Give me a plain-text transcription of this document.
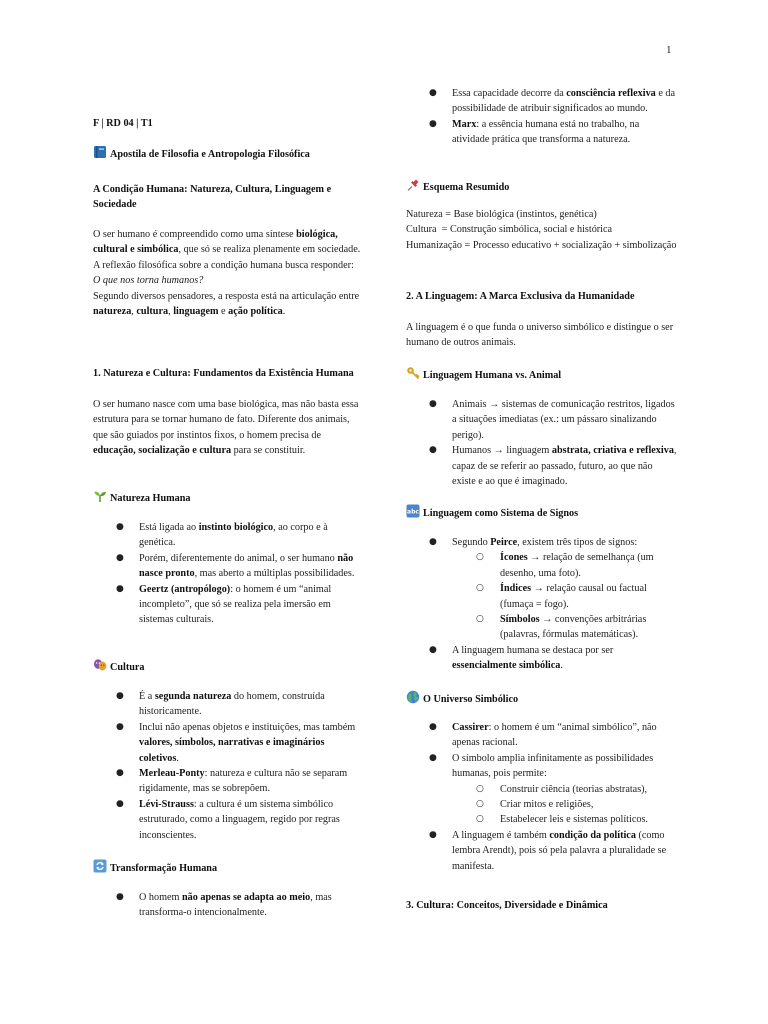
1

F | RD 04 | T1

Apostila de Filosofia e Antropologia Filosófica

A Condição Humana: Natureza, Cultura, Linguagem e Sociedade

O ser humano é compreendido como uma síntese biológica, cultural e simbólica, que só se realiza plenamente em sociedade. A reflexão filosófica sobre a condição humana busca responder: O que nos torna humanos?
Segundo diversos pensadores, a resposta está na articulação entre natureza, cultura, linguagem e ação política.

1. Natureza e Cultura: Fundamentos da Existência Humana

O ser humano nasce com uma base biológica, mas não basta essa estrutura para se tornar humano de fato. Diferente dos animais, que são guiados por instintos fixos, o homem precisa de educação, socialização e cultura para se constituir.

Natureza Humana

● Está ligada ao instinto biológico, ao corpo e à genética.
● Porém, diferentemente do animal, o ser humano não nasce pronto, mas aberto a múltiplas possibilidades.
● Geertz (antropólogo): o homem é um “animal incompleto”, que só se realiza pela imersão em sistemas culturais.

Cultura

● É a segunda natureza do homem, construída historicamente.
● Inclui não apenas objetos e instituições, mas também valores, símbolos, narrativas e imaginários coletivos.
● Merleau-Ponty: natureza e cultura não se separam rigidamente, mas se sobrepõem.
● Lévi-Strauss: a cultura é um sistema simbólico estruturado, como a linguagem, regido por regras inconscientes.

Transformação Humana

● O homem não apenas se adapta ao meio, mas transforma-o intencionalmente.
● Essa capacidade decorre da consciência reflexiva e da possibilidade de atribuir significados ao mundo.
● Marx: a essência humana está no trabalho, na atividade prática que transforma a natureza.

Esquema Resumido

Natureza = Base biológica (instintos, genética)
Cultura  = Construção simbólica, social e histórica
Humanização = Processo educativo + socialização + simbolização

2. A Linguagem: A Marca Exclusiva da Humanidade

A linguagem é o que funda o universo simbólico e distingue o ser humano de outros animais.

Linguagem Humana vs. Animal

● Animais → sistemas de comunicação restritos, ligados a situações imediatas (ex.: um pássaro sinalizando perigo).
● Humanos → linguagem abstrata, criativa e reflexiva, capaz de se referir ao passado, futuro, ao que não existe e ao que é imaginado.

abc Linguagem como Sistema de Signos

● Segundo Peirce, existem três tipos de signos:
○ Ícones → relação de semelhança (um desenho, uma foto).
○ Índices → relação causal ou factual (fumaça = fogo).
○ Símbolos → convenções arbitrárias (palavras, fórmulas matemáticas).
● A linguagem humana se destaca por ser essencialmente simbólica.

O Universo Simbólico

● Cassirer: o homem é um “animal simbólico”, não apenas racional.
● O símbolo amplia infinitamente as possibilidades humanas, pois permite:
○ Construir ciência (teorias abstratas),
○ Criar mitos e religiões,
○ Estabelecer leis e sistemas políticos.
● A linguagem é também condição da política (como lembra Arendt), pois só pela palavra a pluralidade se manifesta.

3. Cultura: Conceitos, Diversidade e Dinâmica
